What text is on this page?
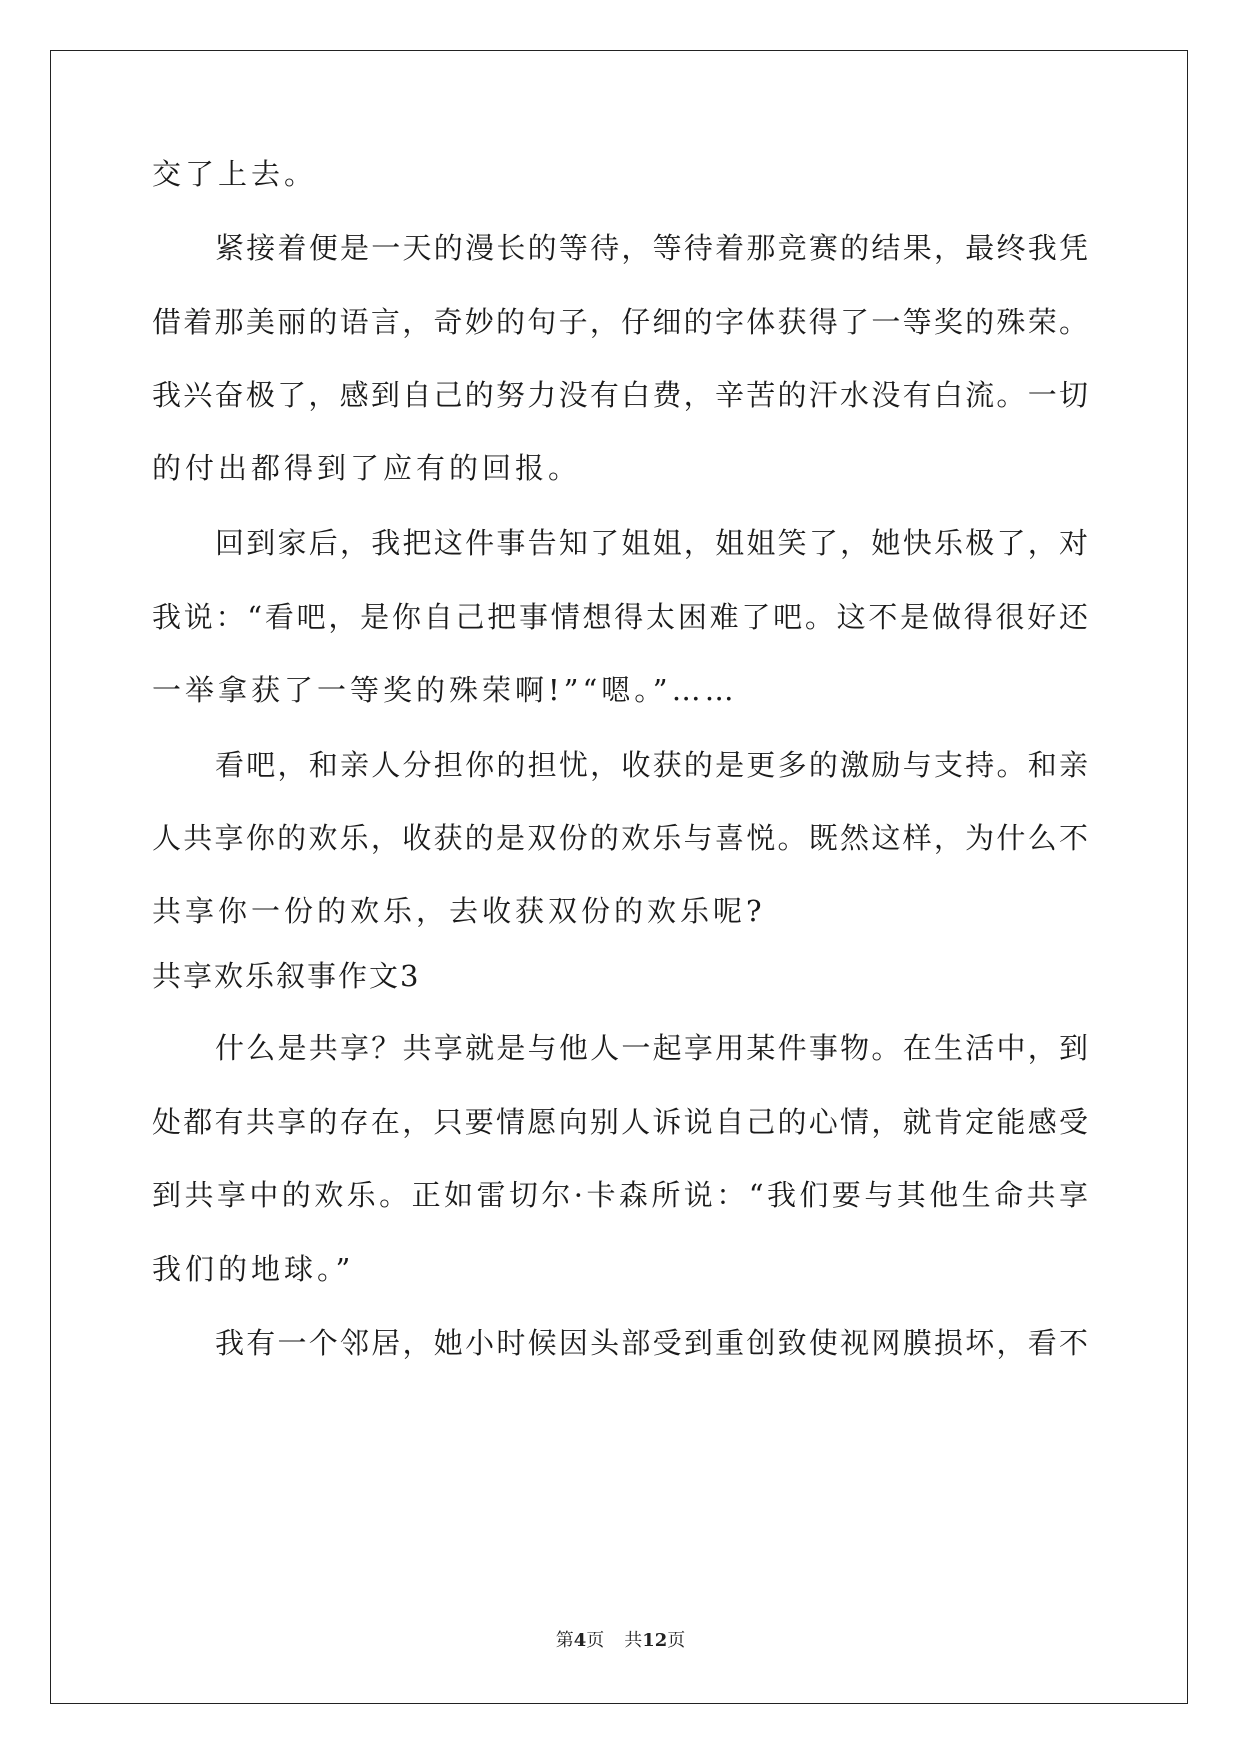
交了上去。
紧接着便是一天的漫长的等待，等待着那竞赛的结果，最终我凭
借着那美丽的语言，奇妙的句子，仔细的字体获得了一等奖的殊荣。
我兴奋极了，感到自己的努力没有白费，辛苦的汗水没有白流。一切
的付出都得到了应有的回报。
回到家后，我把这件事告知了姐姐，姐姐笑了，她快乐极了，对
我说：“看吧，是你自己把事情想得太困难了吧。这不是做得很好还
一举拿获了一等奖的殊荣啊!”“嗯。”……
看吧，和亲人分担你的担忧，收获的是更多的激励与支持。和亲
人共享你的欢乐，收获的是双份的欢乐与喜悦。既然这样，为什么不
共享你一份的欢乐，去收获双份的欢乐呢?
共享欢乐叙事作文3
什么是共享？共享就是与他人一起享用某件事物。在生活中，到
处都有共享的存在，只要情愿向别人诉说自己的心情，就肯定能感受
到共享中的欢乐。正如雷切尔·卡森所说：“我们要与其他生命共享
我们的地球。”
我有一个邻居，她小时候因头部受到重创致使视网膜损坏，看不
第4页 共12页
